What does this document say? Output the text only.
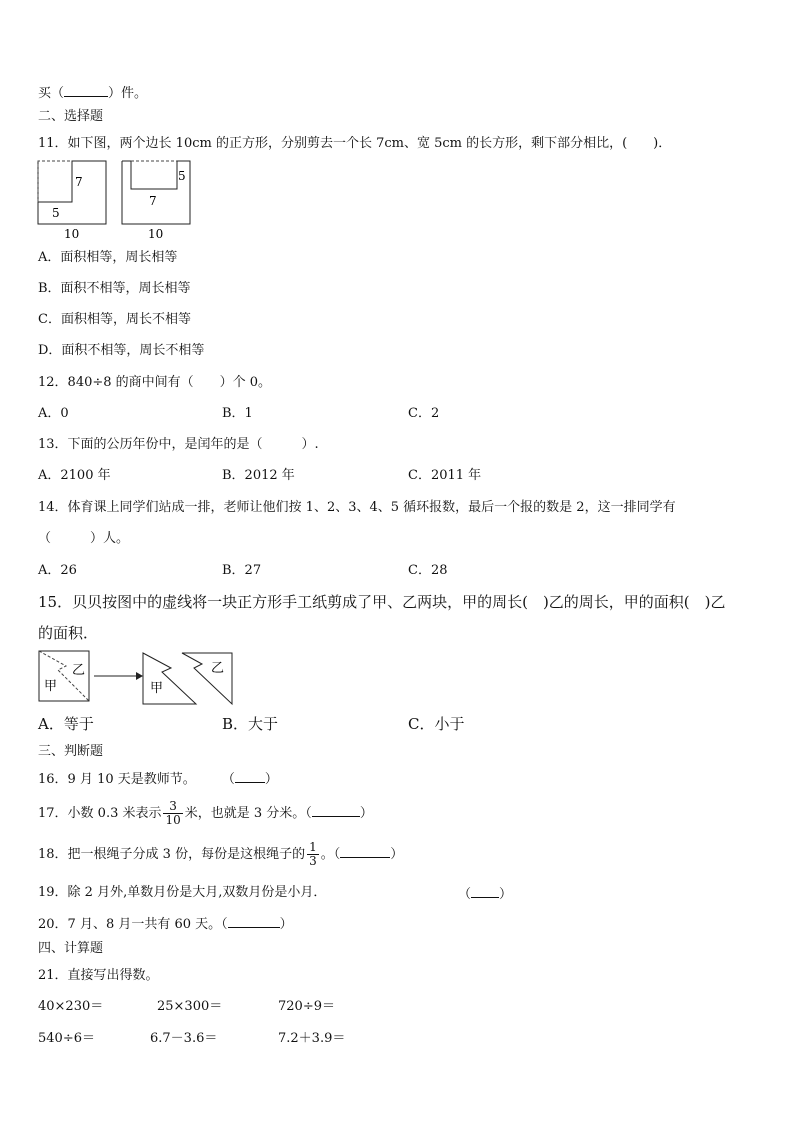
买（	）件。
二、选择题
11．如下图，两个边长 10cm 的正方形，分别剪去一个长 7cm、宽 5cm 的长方形，剩下部分相比，(　　)．
7
5
10
5
7
10
A．面积相等，周长相等
B．面积不相等，周长相等
C．面积相等，周长不相等
D．面积不相等，周长不相等
12．840÷8 的商中间有（　　）个 0。
A．0	B．1	C．2
13．下面的公历年份中，是闰年的是（　　　）.
A．2100 年	B．2012 年	C．2011 年
14．体育课上同学们站成一排，老师让他们按 1、2、3、4、5 循环报数，最后一个报的数是 2，这一排同学有
（　　　）人。
A．26	B．27	C．28
15．贝贝按图中的虚线将一块正方形手工纸剪成了甲、乙两块，甲的周长(　)乙的周长，甲的面积(　)乙
的面积．
甲
乙
甲
乙
A．等于	B．大于	C．小于
三、判断题
16．9 月 10 天是教师节。 （ ）
17．小数 0.3 米表示 $\frac{3}{10}$ 米，也就是 3 分米。（	）
18．把一根绳子分成 3 份，每份是这根绳子的 $\frac{1}{3}$ 。（	）
19．除 2 月外,单数月份是大月,双数月份是小月．	（ ）
20．7 月、8 月一共有 60 天。（	）
四、计算题
21．直接写出得数。
40×230＝	25×300＝	720÷9＝
540÷6＝	6.7－3.6＝	7.2＋3.9＝
